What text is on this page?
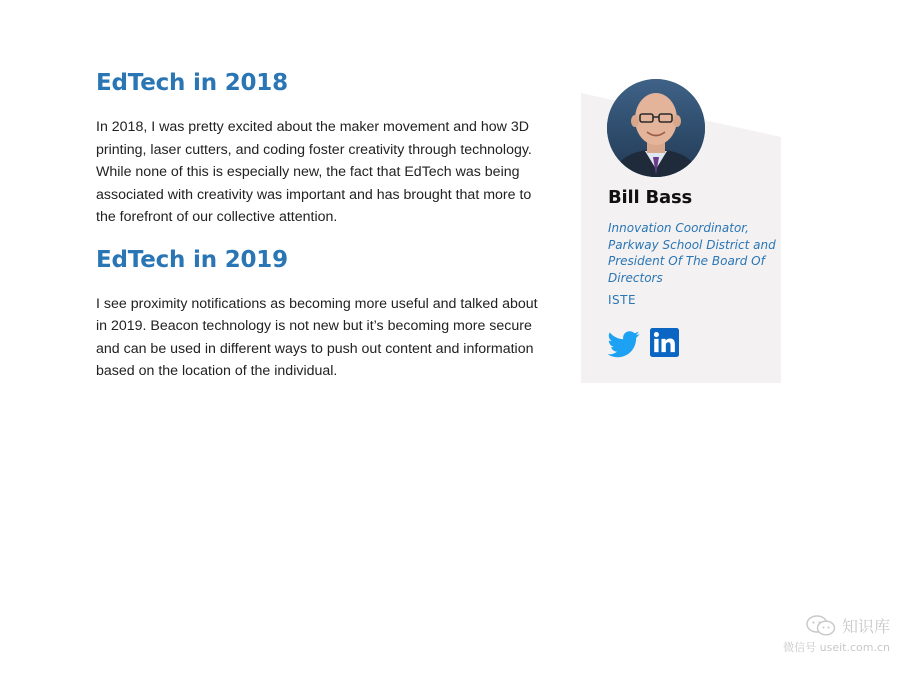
EdTech in 2018

In 2018, I was pretty excited about the maker movement and how 3D printing, laser cutters, and coding foster creativity through technology. While none of this is especially new, the fact that EdTech was being associated with creativity was important and has brought that more to the forefront of our collective attention.

EdTech in 2019

I see proximity notifications as becoming more useful and talked about in 2019. Beacon technology is not new but it’s becoming more secure and can be used in different ways to push out content and information based on the location of the individual.

Bill Bass
Innovation Coordinator, Parkway School District and President Of The Board Of Directors
ISTE
知识库
微信号 useit.com.cn
